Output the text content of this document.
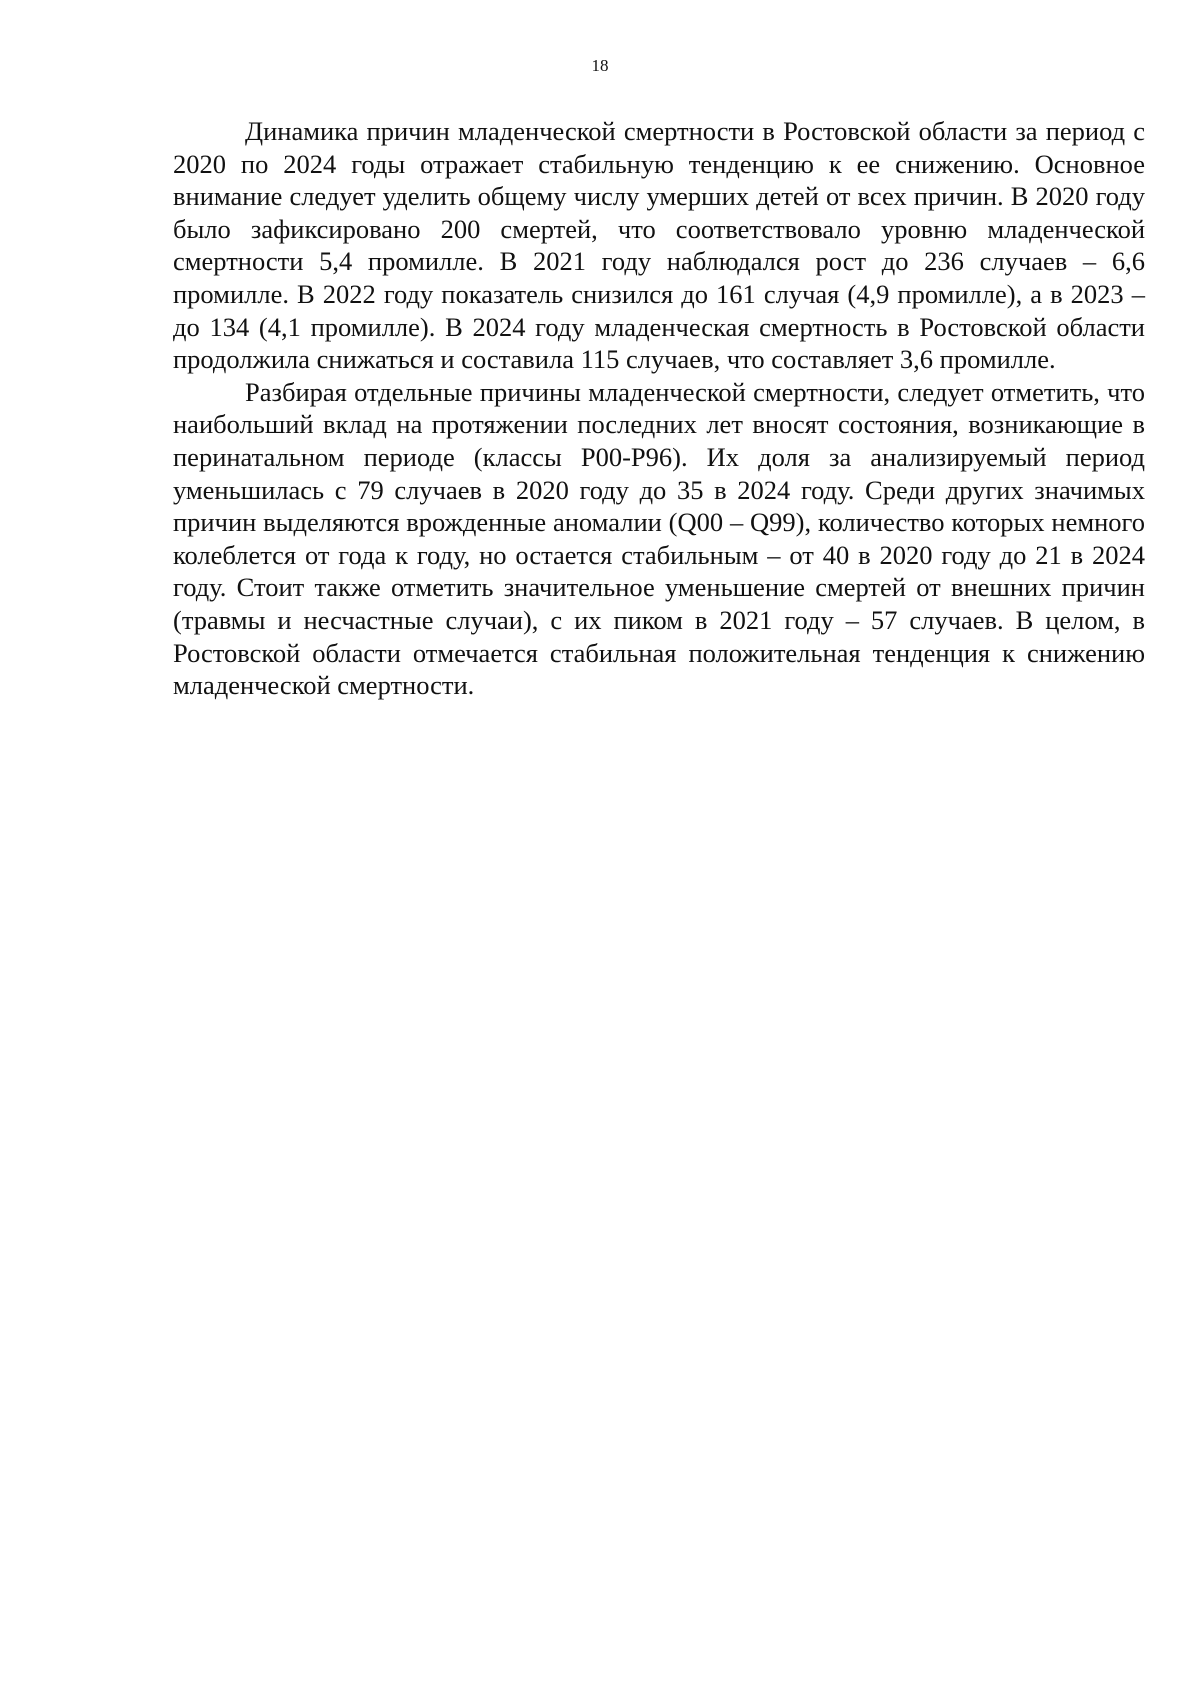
18

Динамика причин младенческой смертности в Ростовской области за период с 2020 по 2024 годы отражает стабильную тенденцию к ее снижению. Основное внимание следует уделить общему числу умерших детей от всех причин. В 2020 году было зафиксировано 200 смертей, что соответствовало уровню младенческой смертности 5,4 промилле. В 2021 году наблюдался рост до 236 случаев – 6,6 промилле. В 2022 году показатель снизился до 161 случая (4,9 промилле), а в 2023 – до 134 (4,1 промилле). В 2024 году младенческая смертность в Ростовской области продолжила снижаться и составила 115 случаев, что составляет 3,6 промилле.

Разбирая отдельные причины младенческой смертности, следует отметить, что наибольший вклад на протяжении последних лет вносят состояния, возникающие в перинатальном периоде (классы Р00-Р96). Их доля за анализируемый период уменьшилась с 79 случаев в 2020 году до 35 в 2024 году. Среди других значимых причин выделяются врожденные аномалии (Q00 – Q99), количество которых немного колеблется от года к году, но остается стабильным – от 40 в 2020 году до 21 в 2024 году. Стоит также отметить значительное уменьшение смертей от внешних причин (травмы и несчастные случаи), с их пиком в 2021 году – 57 случаев. В целом, в Ростовской области отмечается стабильная положительная тенденция к снижению младенческой смертности.
